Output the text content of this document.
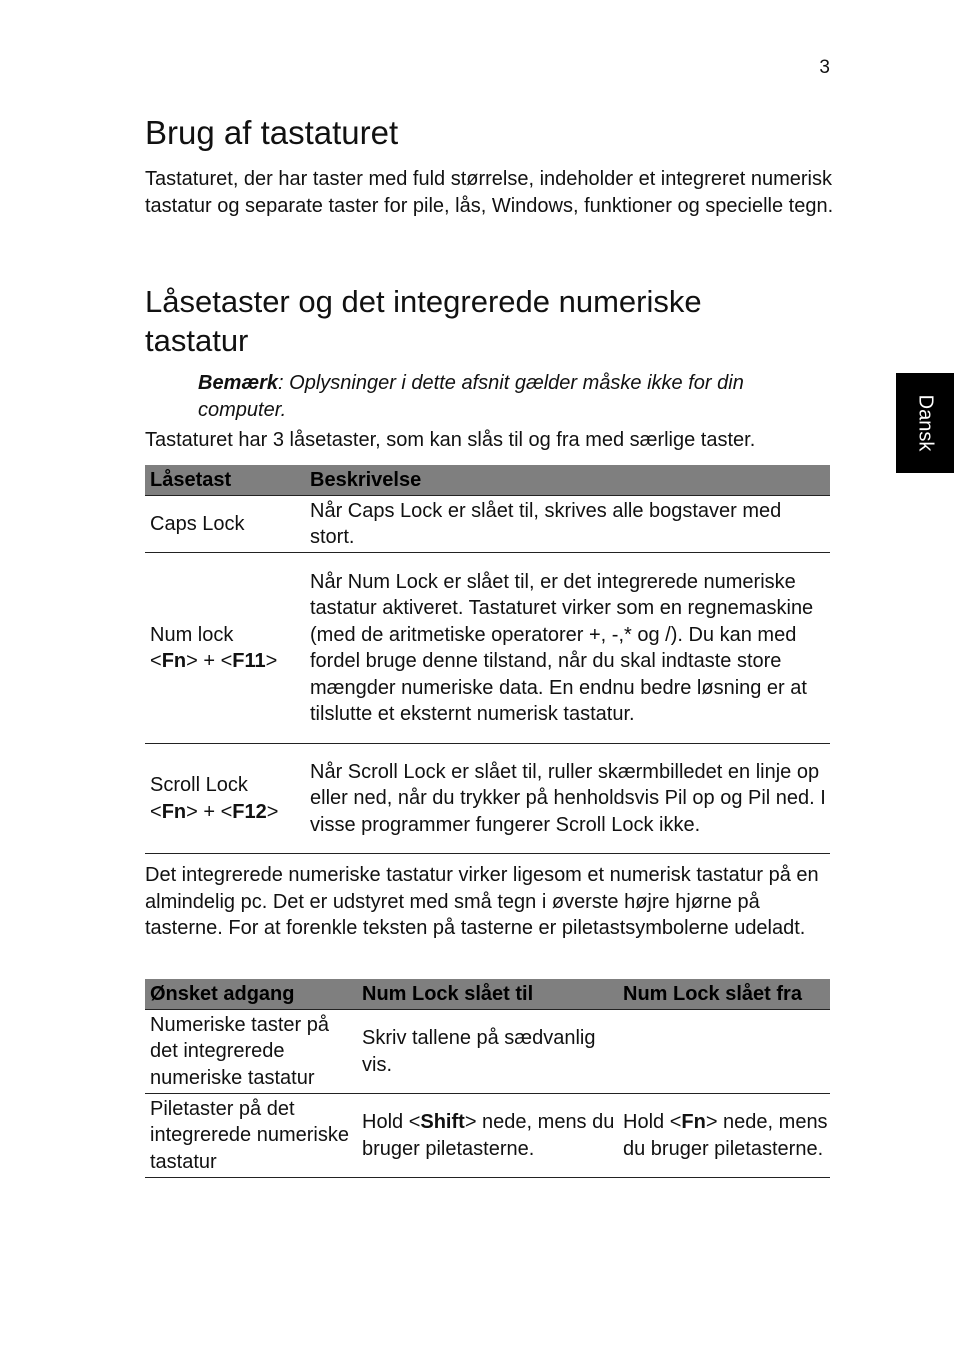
3
Dansk
Brug af tastaturet

Tastaturet, der har taster med fuld størrelse, indeholder et integreret numerisk tastatur og separate taster for pile, lås, Windows, funktioner og specielle tegn.

Låsetaster og det integrerede numeriske tastatur
Bemærk: Oplysninger i dette afsnit gælder måske ikke for din computer.

Tastaturet har 3 låsetaster, som kan slås til og fra med særlige taster.

Låsetast	Beskrivelse
Caps Lock	Når Caps Lock er slået til, skrives alle bogstaver med stort.

Num lock
<Fn> + <F11>	Når Num Lock er slået til, er det integrerede numeriske tastatur aktiveret. Tastaturet virker som en regnemaskine (med de aritmetiske operatorer +, -,* og /). Du kan med fordel bruge denne tilstand, når du skal indtaste store mængder numeriske data. En endnu bedre løsning er at tilslutte et eksternt numerisk tastatur.

Scroll Lock
<Fn> + <F12>	Når Scroll Lock er slået til, ruller skærmbilledet en linje op eller ned, når du trykker på henholdsvis Pil op og Pil ned. I visse programmer fungerer Scroll Lock ikke.

Det integrerede numeriske tastatur virker ligesom et numerisk tastatur på en almindelig pc. Det er udstyret med små tegn i øverste højre hjørne på tasterne. For at forenkle teksten på tasterne er piletastsymbolerne udeladt.

Ønsket adgang	Num Lock slået til	Num Lock slået fra
Numeriske taster på det integrerede numeriske tastatur	Skriv tallene på sædvanlig vis.	
Piletaster på det integrerede numeriske tastatur	Hold <Shift> nede, mens du bruger piletasterne.	Hold <Fn> nede, mens du bruger piletasterne.
